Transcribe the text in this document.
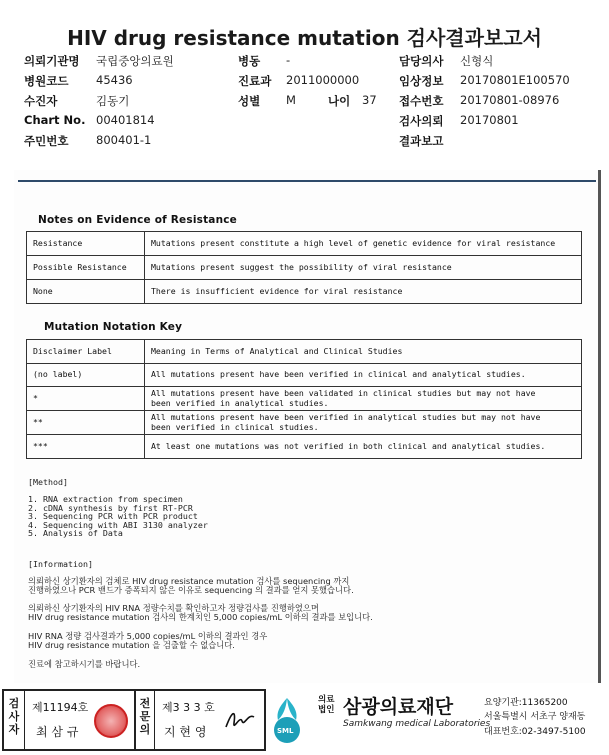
HIV drug resistance mutation 검사결과보고서
의뢰기관명 국립중앙의료원	병동 -	담당의사 신형식
병원코드 45436	진료과 2011000000	임상정보 20170801E100570
수진자	김동기	성별 M	나이 37 접수번호 20170801-08976
Chart No. 00401814	검사의뢰 20170801
주민번호 800401-1	결과보고
Notes on Evidence of Resistance
Resistance	Mutations present constitute a high level of genetic evidence for viral resistance
Possible Resistance	Mutations present suggest the possibility of viral resistance
None	There is insufficient evidence for viral resistance
Mutation Notation Key
Disclaimer Label	Meaning in Terms of Analytical and Clinical Studies
(no label)	All mutations present have been verified in clinical and analytical studies.
*	All mutations present have been validated in clinical studies but may not have been verified in analytical studies.
**	All mutations present have been verified in analytical studies but may not have been verified in clinical studies.
***	At least one mutations was not verified in both clinical and analytical studies.
[Method]
1. RNA extraction from specimen
2. cDNA synthesis by first RT-PCR
3. Sequencing PCR with PCR product
4. Sequencing with ABI 3130 analyzer
5. Analysis of Data
[Information]
의뢰하신 상기환자의 검체로 HIV drug resistance mutation 검사를 sequencing 까지
진행하였으나 PCR 밴드가 증폭되지 않은 이유로 sequencing 의 결과를 얻지 못했습니다.
의뢰하신 상기환자의 HIV RNA 정량수치를 확인하고자 정량검사를 진행하였으며
HIV drug resistance mutation 검사의 한계치인 5,000 copies/mL 이하의 결과를 보입니다.
HIV RNA 정량 검사결과가 5,000 copies/mL 이하의 결과인 경우
HIV drug resistance mutation 을 검출할 수 없습니다.
진료에 참고하시기를 바랍니다.
검사자
제11194호
최 삼 규
전문의
제3 3 3 호
지 현 영	SML
의료법인 삼광의료재단
Samkwang medical Laboratories
요양기관:11365200
서울특별시 서초구 양재동
대표번호:02-3497-5100
